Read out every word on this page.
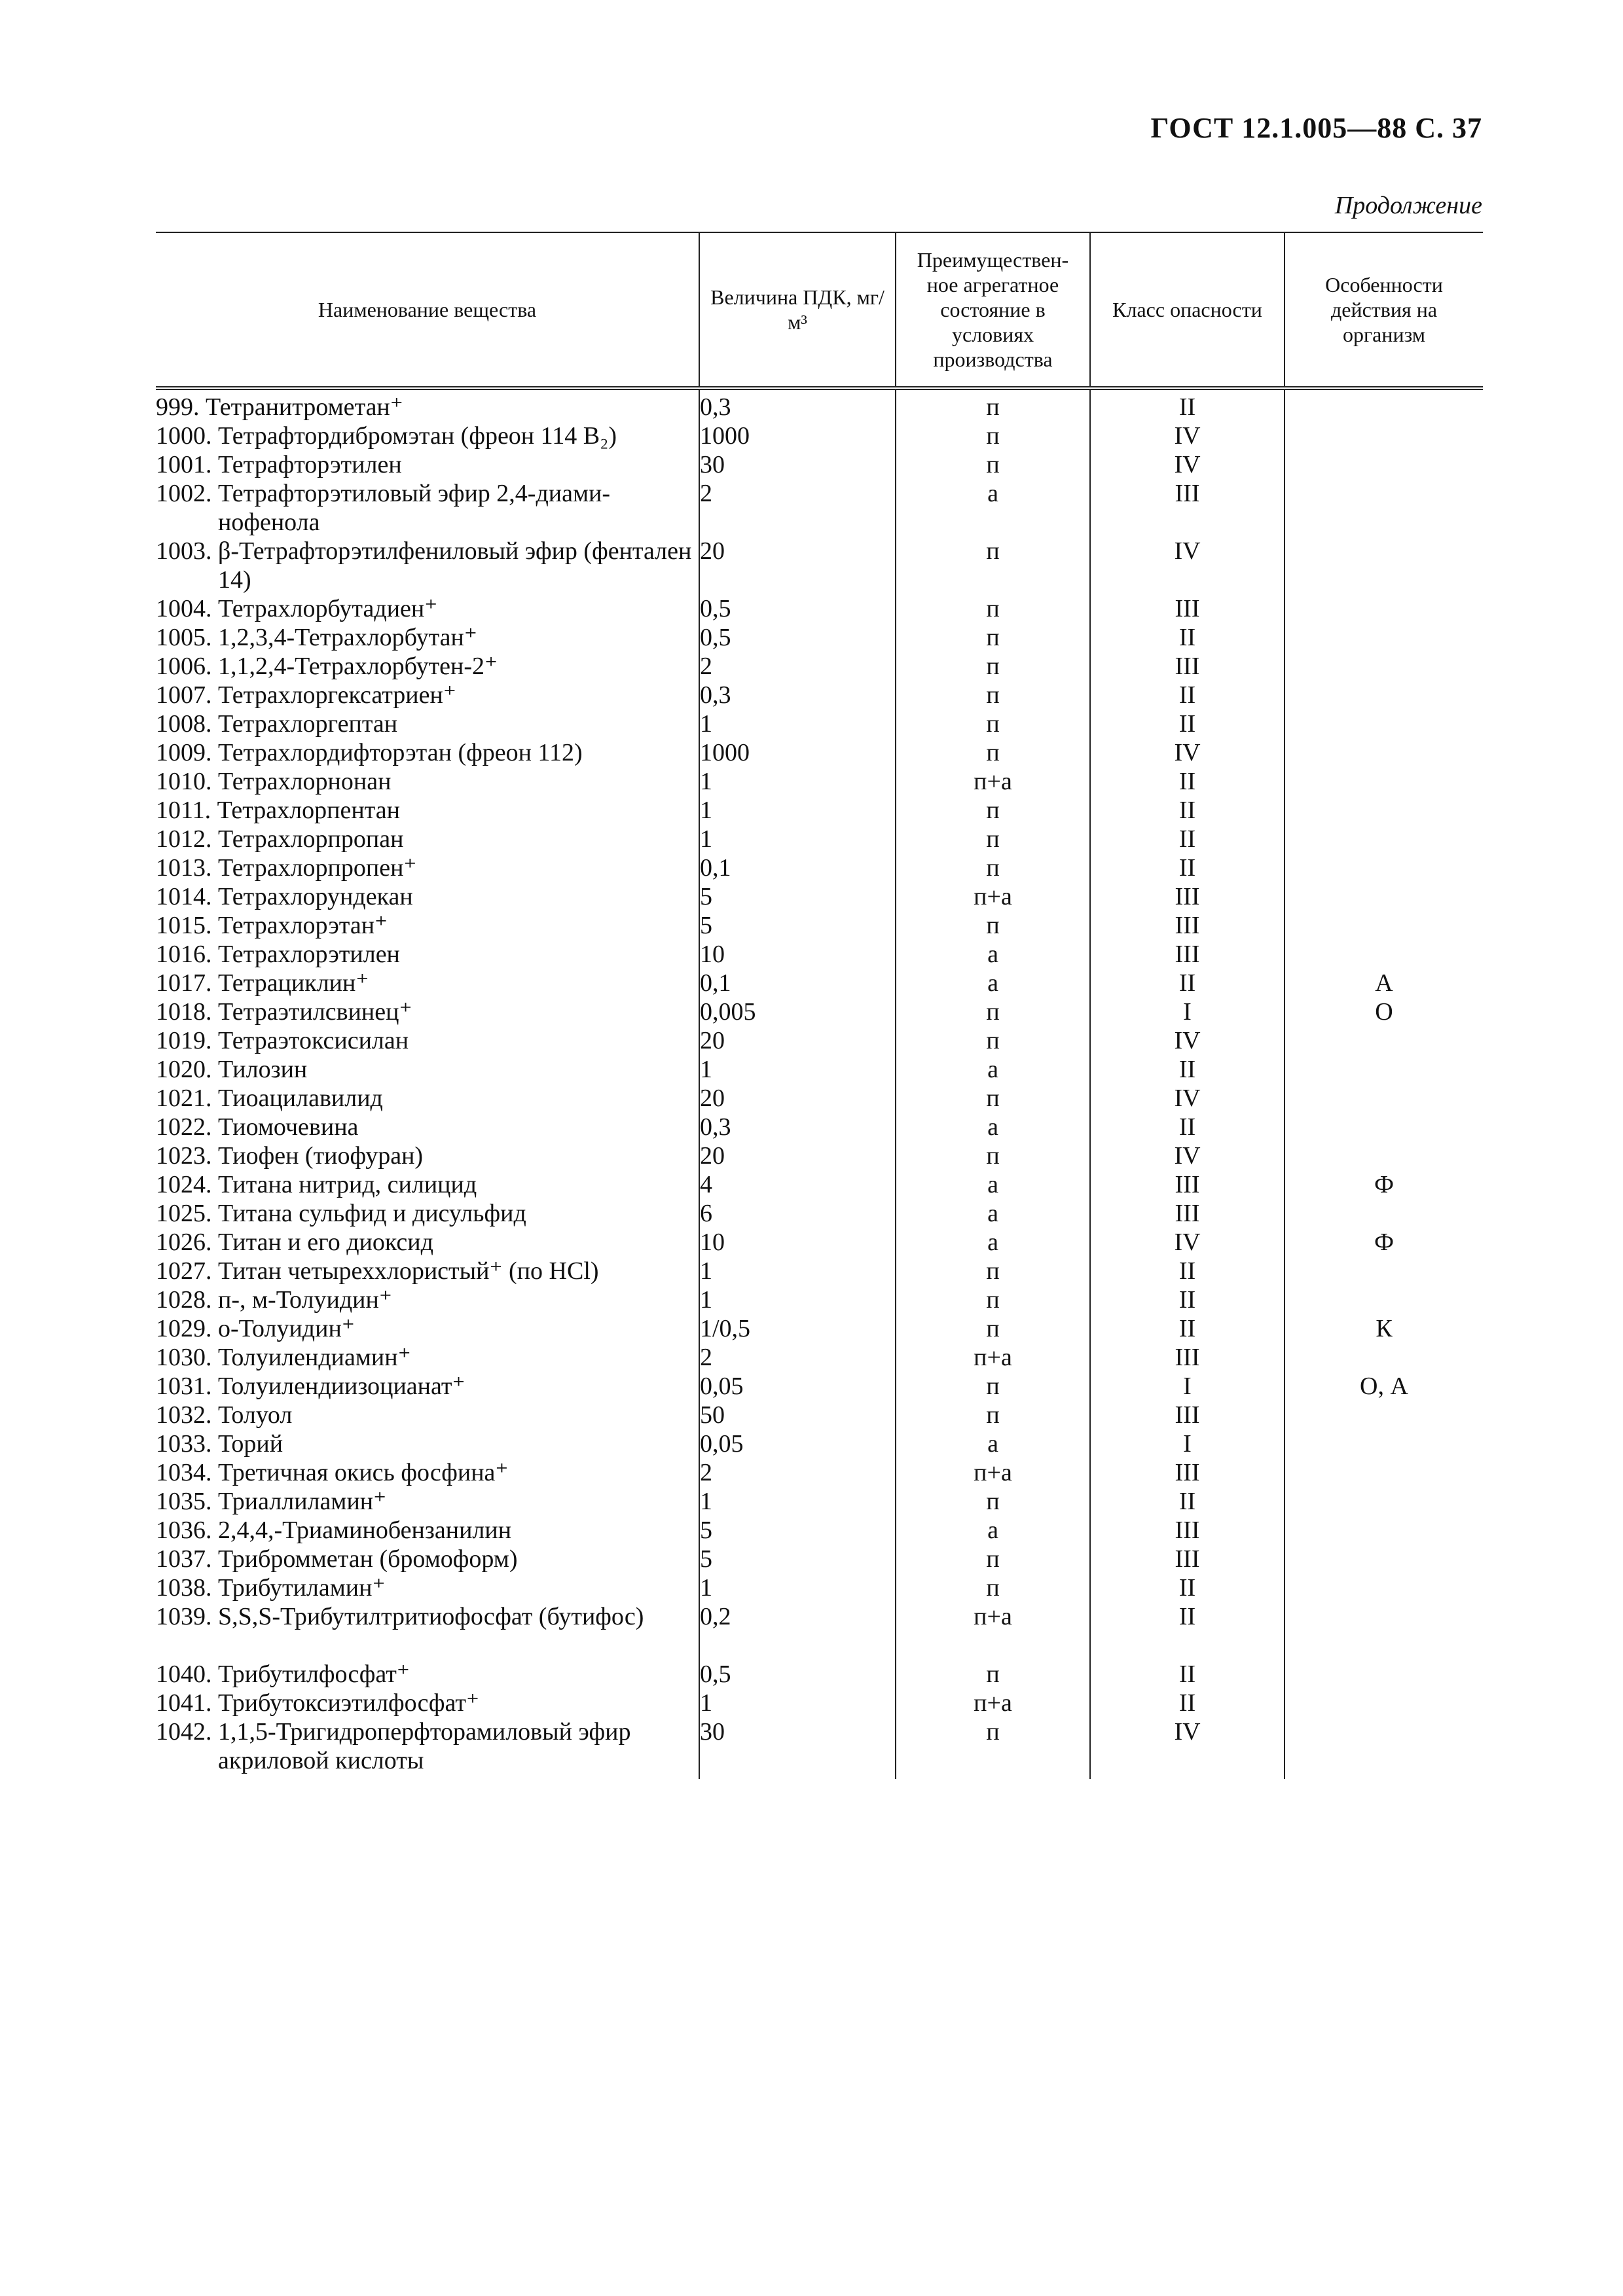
ГОСТ 12.1.005—88 С. 37
Продолжение
Наименование вещества	Величина ПДК, мг/м³	Преимуществен-ное агрегатное состояние в условиях производства	Класс опасности	Особенности действия на организм

999. Тетранитрометан⁺	0,3	п	II	

1000. Тетрафтордибромэтан (фреон 114 B₂)	1000	п	IV	

1001. Тетрафторэтилен	30	п	IV	

1002. Тетрафторэтиловый эфир 2,4-диами-нофенола	2	а	III	

1003. β-Тетрафторэтилфениловый эфир (фентален 14)	20	п	IV	

1004. Тетрахлорбутадиен⁺	0,5	п	III	

1005. 1,2,3,4-Тетрахлорбутан⁺	0,5	п	II	

1006. 1,1,2,4-Тетрахлорбутен-2⁺	2	п	III	

1007. Тетрахлоргексатриен⁺	0,3	п	II	

1008. Тетрахлоргептан	1	п	II	

1009. Тетрахлордифторэтан (фреон 112)	1000	п	IV	

1010. Тетрахлорнонан	1	п+а	II	

1011. Тетрахлорпентан	1	п	II	

1012. Тетрахлорпропан	1	п	II	

1013. Тетрахлорпропен⁺	0,1	п	II	

1014. Тетрахлорундекан	5	п+а	III	

1015. Тетрахлорэтан⁺	5	п	III	

1016. Тетрахлорэтилен	10	а	III	

1017. Тетрациклин⁺	0,1	а	II	А

1018. Тетраэтилсвинец⁺	0,005	п	I	О

1019. Тетраэтоксисилан	20	п	IV	

1020. Тилозин	1	а	II	

1021. Тиоацилавилид	20	п	IV	

1022. Тиомочевина	0,3	а	II	

1023. Тиофен (тиофуран)	20	п	IV	

1024. Титана нитрид, силицид	4	а	III	Ф

1025. Титана сульфид и дисульфид	6	а	III	

1026. Титан и его диоксид	10	а	IV	Ф

1027. Титан четыреххлористый⁺ (по HCl)	1	п	II	

1028. п-, м-Толуидин⁺	1	п	II	

1029. о-Толуидин⁺	1/0,5	п	II	К

1030. Толуилендиамин⁺	2	п+а	III	

1031. Толуилендиизоцианат⁺	0,05	п	I	О, А

1032. Толуол	50	п	III	

1033. Торий	0,05	а	I	

1034. Третичная окись фосфина⁺	2	п+а	III	

1035. Триаллиламин⁺	1	п	II	

1036. 2,4,4,-Триаминобензанилин	5	а	III	

1037. Трибромметан (бромоформ)	5	п	III	

1038. Трибутиламин⁺	1	п	II	

1039. S,S,S-Трибутилтритиофосфат (бутифос)	0,2	п+а	II	

1040. Трибутилфосфат⁺	0,5	п	II	

1041. Трибутоксиэтилфосфат⁺	1	п+а	II	

1042. 1,1,5-Тригидроперфторамиловый эфир акриловой кислоты	30	п	IV	
